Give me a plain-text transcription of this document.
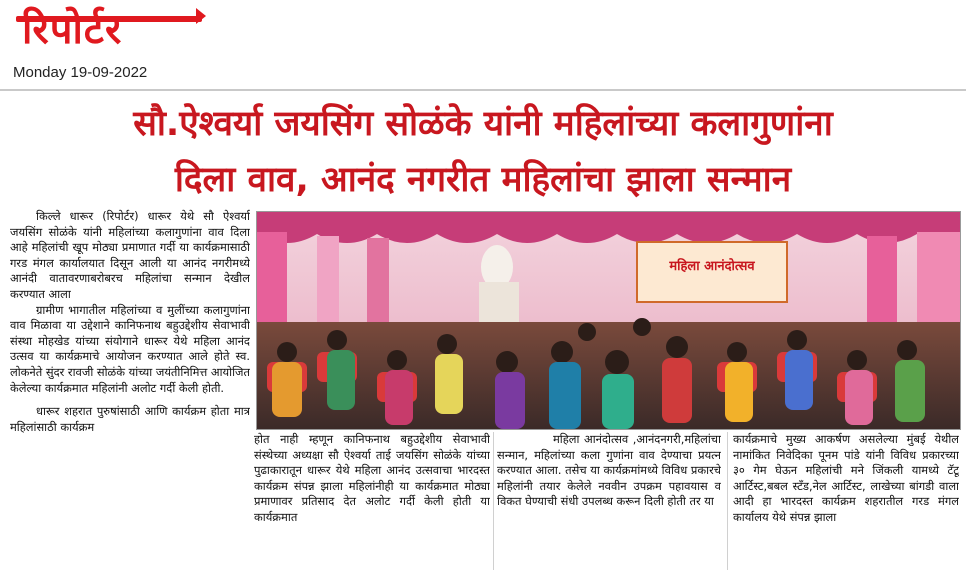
रिपोर्टर
Monday 19-09-2022
सौ.ऐश्वर्या जयसिंग सोळंके यांनी महिलांच्या कलागुणांना
दिला वाव, आनंद नगरीत महिलांचा झाला सन्मान
महिला आनंदोत्सव

किल्ले धारूर (रिपोर्टर) धारूर येथे सौ ऐश्वर्या जयसिंग सोळंके यांनी महिलांच्या कलागुणांना वाव दिला आहे महिलांची खूप मोठ्या प्रमाणात गर्दी या कार्यक्रमासाठी गरड मंगल कार्यालयात दिसून आली या आनंद नगरीमध्ये आनंदी वातावरणाबरोबरच महिलांचा सन्मान देखील करण्यात आला

ग्रामीण भागातील महिलांच्या व मुलींच्या कलागुणांना वाव मिळावा या उद्देशाने कानिफनाथ बहुउद्देशीय सेवाभावी संस्था मोहखेड यांच्या संयोगाने धारूर येथे महिला आनंद उत्सव या कार्यक्रमाचे आयोजन करण्यात आले होते स्व. लोकनेते सुंदर रावजी सोळंके यांच्या जयंतीनिमित्त आयोजित केलेल्या कार्यक्रमात महिलांनी अलोट गर्दी केली होती.

धारूर शहरात पुरुषांसाठी आणि कार्यक्रम होता मात्र महिलांसाठी कार्यक्रम

होत नाही म्हणून कानिफनाथ बहुउद्देशीय सेवाभावी संस्थेच्या अध्यक्षा सौ ऐश्वर्या ताई जयसिंग सोळंके यांच्या पुढाकारातून धारूर येथे महिला आनंद उत्सवाचा भारदस्त कार्यक्रम संपन्न झाला महिलांनीही या कार्यक्रमात मोठ्या प्रमाणावर प्रतिसाद देत अलोट गर्दी केली होती या कार्यक्रमात

महिला आनंदोत्सव ,आनंदनगरी,महिलांचा सन्मान, महिलांच्या कला गुणांना वाव देण्याचा प्रयत्न करण्यात आला. तसेच या कार्यक्रमांमध्ये विविध प्रकारचे महिलांनी तयार केलेले नववीन उपक्रम पहावयास व विकत घेण्याची संधी उपलब्ध करून दिली होती तर या

कार्यक्रमाचे मुख्य आकर्षण असलेल्या मुंबई येथील नामांकित निवेदिका पूनम पांडे यांनी विविध प्रकारच्या ३० गेम घेऊन महिलांची मने जिंकली यामध्ये टॅटू आर्टिस्ट,बबल स्टँड,नेल आर्टिस्ट, लाखेच्या बांगडी वाला आदी हा भारदस्त कार्यक्रम शहरातील गरड मंगल कार्यालय येथे संपन्न झाला
